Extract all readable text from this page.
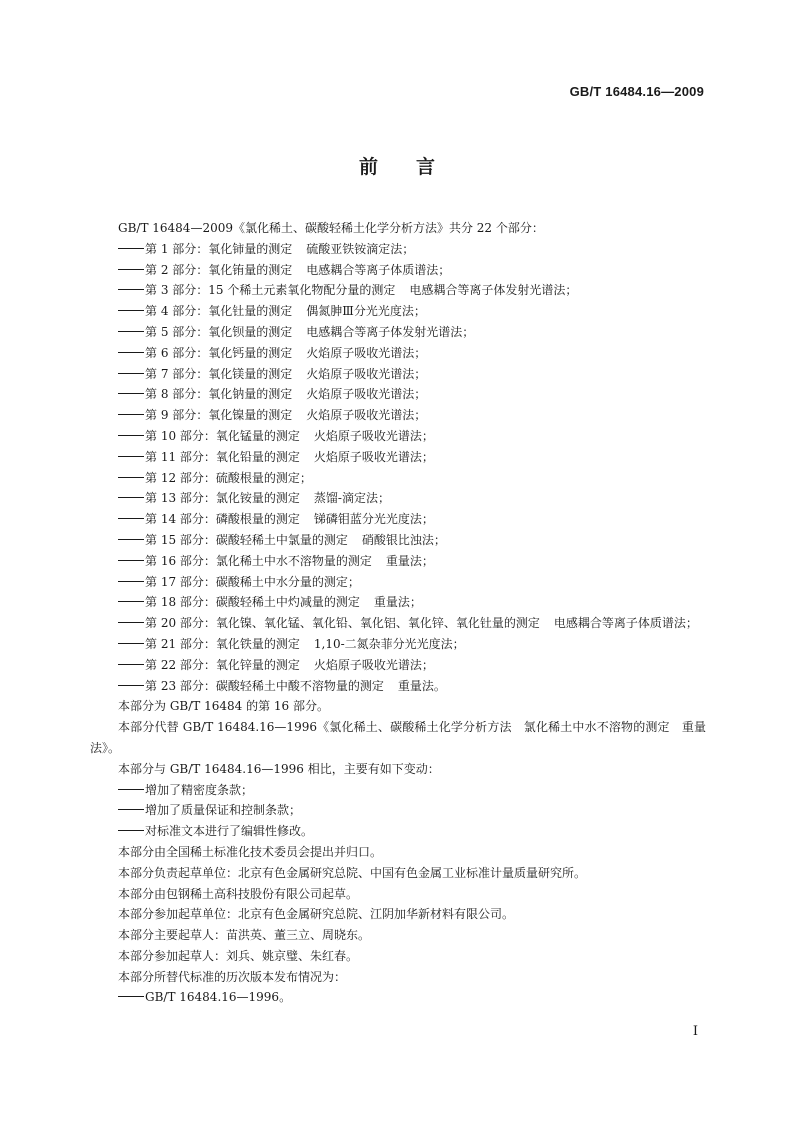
GB/T 16484.16—2009
前言
GB/T 16484—2009《氯化稀土、碳酸轻稀土化学分析方法》共分 22 个部分：
第 1 部分：氧化铈量的测定 硫酸亚铁铵滴定法；
第 2 部分：氧化铕量的测定 电感耦合等离子体质谱法；
第 3 部分：15 个稀土元素氧化物配分量的测定 电感耦合等离子体发射光谱法；
第 4 部分：氧化钍量的测定 偶氮胂Ⅲ分光光度法；
第 5 部分：氧化钡量的测定 电感耦合等离子体发射光谱法；
第 6 部分：氧化钙量的测定 火焰原子吸收光谱法；
第 7 部分：氧化镁量的测定 火焰原子吸收光谱法；
第 8 部分：氧化钠量的测定 火焰原子吸收光谱法；
第 9 部分：氧化镍量的测定 火焰原子吸收光谱法；
第 10 部分：氧化锰量的测定 火焰原子吸收光谱法；
第 11 部分：氧化铅量的测定 火焰原子吸收光谱法；
第 12 部分：硫酸根量的测定；
第 13 部分：氯化铵量的测定 蒸馏-滴定法；
第 14 部分：磷酸根量的测定 锑磷钼蓝分光光度法；
第 15 部分：碳酸轻稀土中氯量的测定 硝酸银比浊法；
第 16 部分：氯化稀土中水不溶物量的测定 重量法；
第 17 部分：碳酸稀土中水分量的测定；
第 18 部分：碳酸轻稀土中灼减量的测定 重量法；
第 20 部分：氧化镍、氧化锰、氧化铅、氧化铝、氧化锌、氧化钍量的测定 电感耦合等离子体质谱法；
第 21 部分：氧化铁量的测定 1,10-二氮杂菲分光光度法；
第 22 部分：氧化锌量的测定 火焰原子吸收光谱法；
第 23 部分：碳酸轻稀土中酸不溶物量的测定 重量法。
本部分为 GB/T 16484 的第 16 部分。
本部分代替 GB/T 16484.16—1996《氯化稀土、碳酸稀土化学分析方法　氯化稀土中水不溶物的测定　重量法》。
本部分与 GB/T 16484.16—1996 相比，主要有如下变动：
增加了精密度条款；
增加了质量保证和控制条款；
对标准文本进行了编辑性修改。
本部分由全国稀土标准化技术委员会提出并归口。
本部分负责起草单位：北京有色金属研究总院、中国有色金属工业标准计量质量研究所。
本部分由包钢稀土高科技股份有限公司起草。
本部分参加起草单位：北京有色金属研究总院、江阴加华新材料有限公司。
本部分主要起草人：苗洪英、董三立、周晓东。
本部分参加起草人：刘兵、姚京璧、朱红春。
本部分所替代标准的历次版本发布情况为：
GB/T 16484.16—1996。
I
